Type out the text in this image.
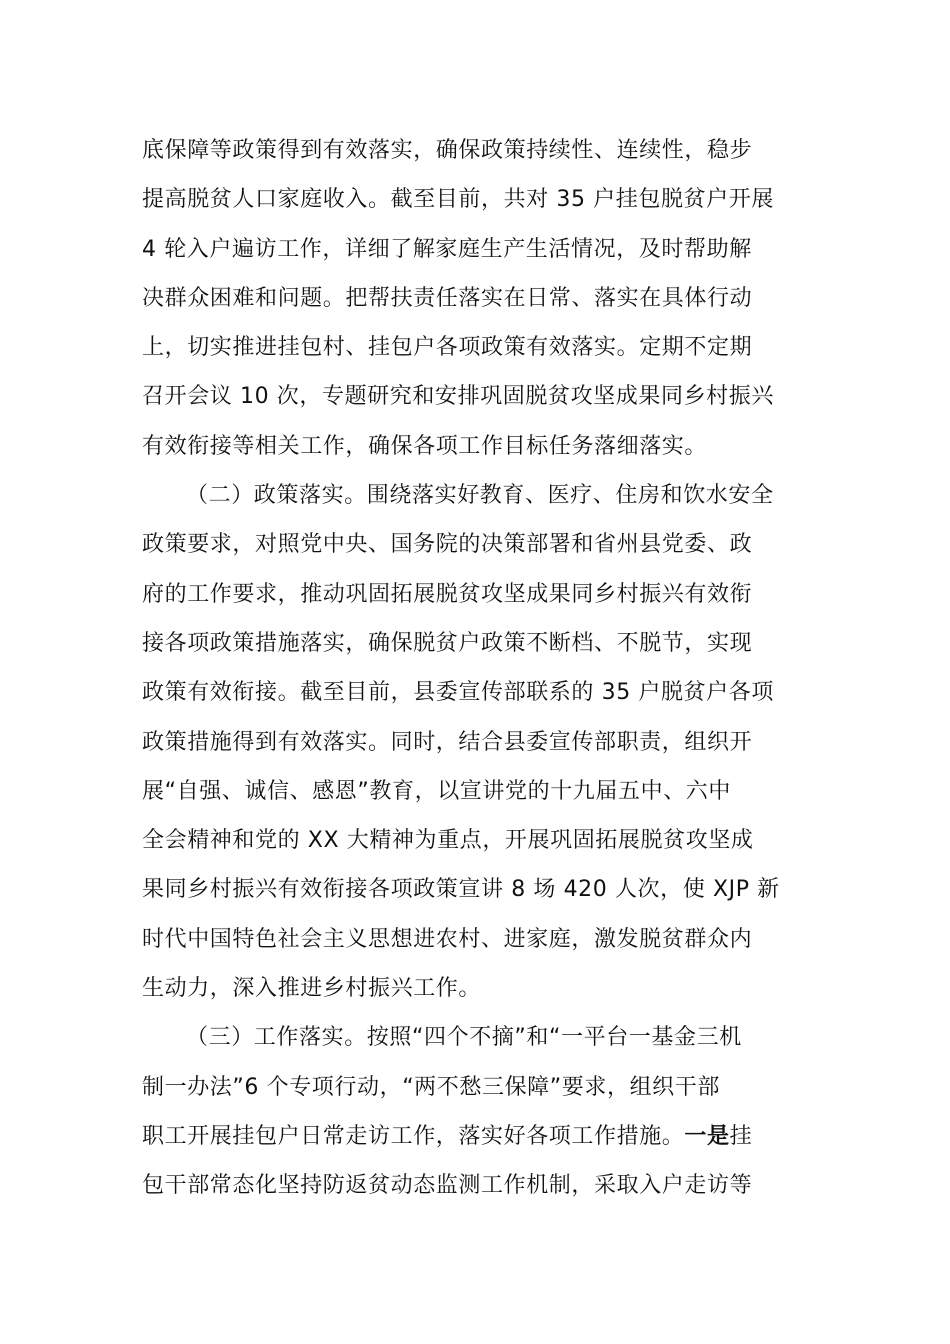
底保障等政策得到有效落实，确保政策持续性、连续性，稳步
提高脱贫人口家庭收入。截至目前，共对 35 户挂包脱贫户开展
4 轮入户遍访工作，详细了解家庭生产生活情况，及时帮助解
决群众困难和问题。把帮扶责任落实在日常、落实在具体行动
上，切实推进挂包村、挂包户各项政策有效落实。定期不定期
召开会议 10 次，专题研究和安排巩固脱贫攻坚成果同乡村振兴
有效衔接等相关工作，确保各项工作目标任务落细落实。
（二）政策落实。围绕落实好教育、医疗、住房和饮水安全
政策要求，对照党中央、国务院的决策部署和省州县党委、政
府的工作要求，推动巩固拓展脱贫攻坚成果同乡村振兴有效衔
接各项政策措施落实，确保脱贫户政策不断档、不脱节，实现
政策有效衔接。截至目前，县委宣传部联系的 35 户脱贫户各项
政策措施得到有效落实。同时，结合县委宣传部职责，组织开
展“自强、诚信、感恩”教育，以宣讲党的十九届五中、六中
全会精神和党的 XX 大精神为重点，开展巩固拓展脱贫攻坚成
果同乡村振兴有效衔接各项政策宣讲 8 场 420 人次，使 XJP 新
时代中国特色社会主义思想进农村、进家庭，激发脱贫群众内
生动力，深入推进乡村振兴工作。
（三）工作落实。按照“四个不摘”和“一平台一基金三机
制一办法”6 个专项行动，“两不愁三保障”要求，组织干部
职工开展挂包户日常走访工作，落实好各项工作措施。一是挂
包干部常态化坚持防返贫动态监测工作机制，采取入户走访等
